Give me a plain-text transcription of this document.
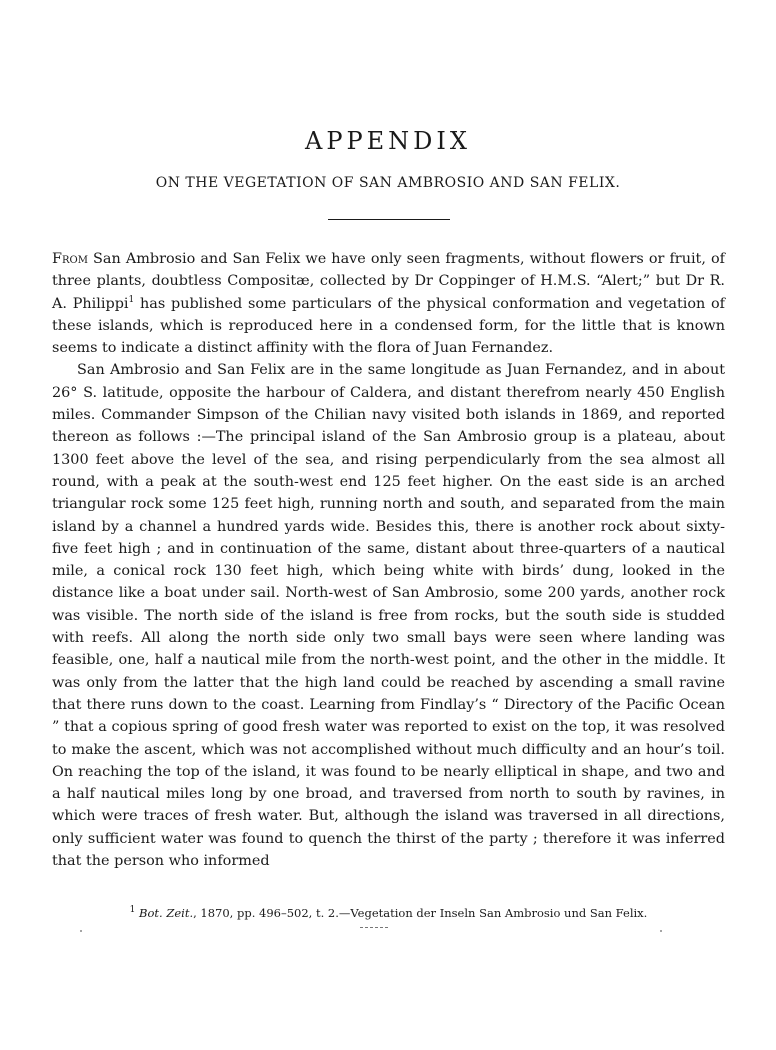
APPENDIX
ON THE VEGETATION OF SAN AMBROSIO AND SAN FELIX.

From San Ambrosio and San Felix we have only seen fragments, without flowers or fruit, of three plants, doubtless Compositæ, collected by Dr Coppinger of H.M.S. “Alert;” but Dr R. A. Philippi$^1$ has published some particulars of the physical conformation and vegetation of these islands, which is reproduced here in a condensed form, for the little that is known seems to indicate a distinct affinity with the flora of Juan Fernandez.

San Ambrosio and San Felix are in the same longitude as Juan Fernandez, and in about 26° S. latitude, opposite the harbour of Caldera, and distant therefrom nearly 450 English miles. Commander Simpson of the Chilian navy visited both islands in 1869, and reported thereon as follows :—The principal island of the San Ambrosio group is a plateau, about 1300 feet above the level of the sea, and rising perpendicularly from the sea almost all round, with a peak at the south-west end 125 feet higher. On the east side is an arched triangular rock some 125 feet high, running north and south, and separated from the main island by a channel a hundred yards wide. Besides this, there is another rock about sixty-five feet high ; and in continuation of the same, distant about three-quarters of a nautical mile, a conical rock 130 feet high, which being white with birds’ dung, looked in the distance like a boat under sail. North-west of San Ambrosio, some 200 yards, another rock was visible. The north side of the island is free from rocks, but the south side is studded with reefs. All along the north side only two small bays were seen where landing was feasible, one, half a nautical mile from the north-west point, and the other in the middle. It was only from the latter that the high land could be reached by ascending a small ravine that there runs down to the coast. Learning from Findlay’s “ Directory of the Pacific Ocean ” that a copious spring of good fresh water was reported to exist on the top, it was resolved to make the ascent, which was not accomplished without much difficulty and an hour’s toil. On reaching the top of the island, it was found to be nearly elliptical in shape, and two and a half nautical miles long by one broad, and traversed from north to south by ravines, in which were traces of fresh water. But, although the island was traversed in all directions, only sufficient water was found to quench the thirst of the party ; therefore it was inferred that the person who informed

$^1$ Bot. Zeit., 1870, pp. 496–502, t. 2.—Vegetation der Inseln San Ambrosio und San Felix.
